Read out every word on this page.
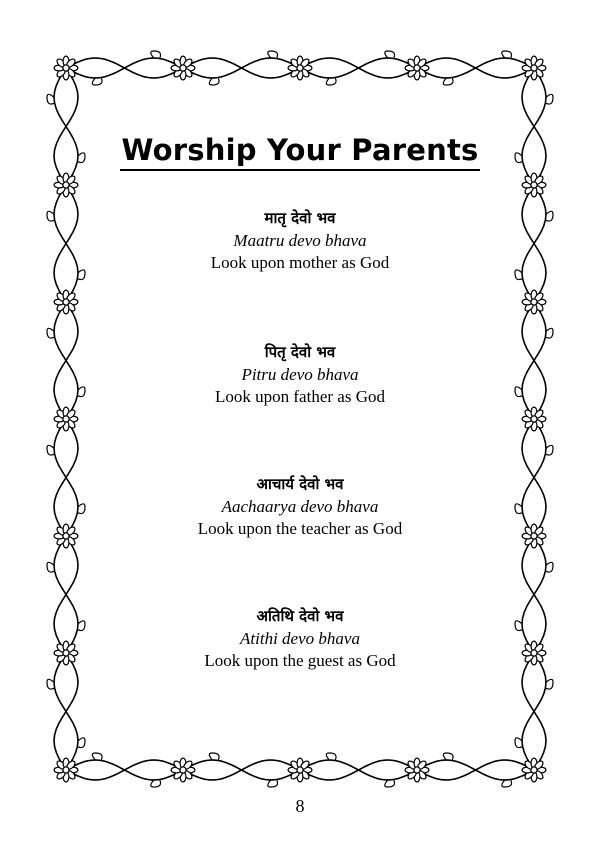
Worship Your Parents
मातृ देवो भव
Maatru devo bhava
Look upon mother as God
पितृ देवो भव
Pitru devo bhava
Look upon father as God
आचार्य देवो भव
Aachaarya devo bhava
Look upon the teacher as God
अतिथि देवो भव
Atithi devo bhava
Look upon the guest as God
8
